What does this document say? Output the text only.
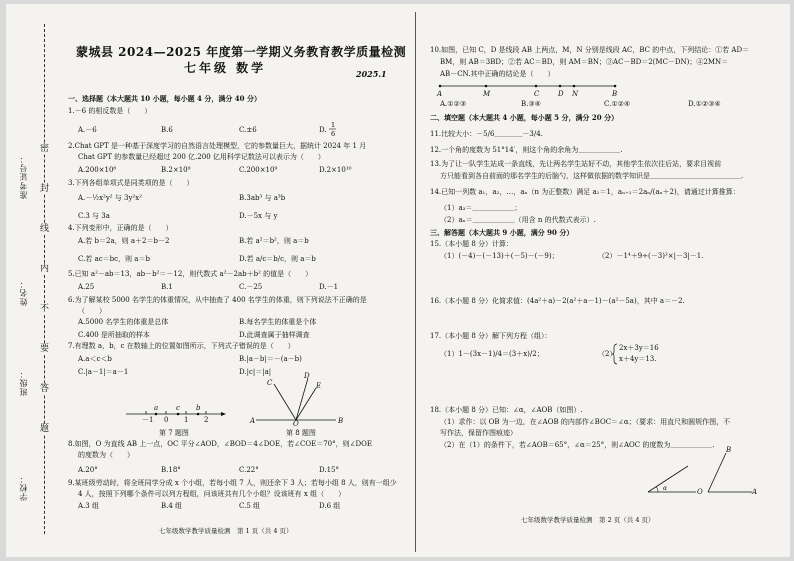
密
封
线
内
不
要
答
题
准考证号：
姓名：
班级：
学校：
蒙城县 2024—2025 年度第一学期义务教育教学质量检测
七年级 数学	2025.1
一、选择题（本大题共 10 小题，每小题 4 分，满分 40 分）
1.－6 的相反数是（　　）
A.－6	B.6	C.±6	D.
1
6
2.Chat GPT 是一种基于深度学习的自然语言处理模型，它的参数量巨大，据统计 2024 年 1 月
Chat GPT 的参数量已经超过 200 亿.200 亿用科学记数法可以表示为（　　）
A.200×10⁸	B.2×10⁹	C.200×10⁹	D.2×10¹⁰
3.下列各组单项式是同类项的是（　　）
A.－½x²y² 与 3y²x²	B.3ab³ 与 a³b
C.3 与 3a	D.－5x 与 y
4.下列变形中，正确的是（　　）
A.若 b＝2a，则 a＋2＝b－2	B.若 a²＝b²，则 a＝b
C.若 ac＝bc，则 a＝b	D.若 a/c＝b/c，则 a＝b
5.已知 a²－ab＝13，ab－b²＝－12，则代数式 a²－2ab＋b² 的值是（　　）
A.25	B.1	C.－25	D.－1
6.为了解某校 5000 名学生的体重情况，从中抽查了 400 名学生的体重，则下列说法不正确的是
（　　）
A.5000 名学生的体重是总体	B.每名学生的体重是个体
C.400 是所抽取的样本	D.此调查属于抽样调查
7.有理数 a，b，c 在数轴上的位置如图所示，下列式子错误的是（　　）
A.a＜c＜b	B.|a－b|＝－(a－b)
C.|a－1|＝a－1	D.|c|＝|a|
a	c b
－1 0 1 2
第 7 题图
C
D
E
A	O	B
第 8 题图
8.如图，O 为直线 AB 上一点，OC 平分∠AOD，∠BOD＝4∠DOE，若∠COE＝70°，则∠DOE
的度数为（　　）
A.20°	B.18°	C.22°	D.15°
9.某班级劳动时，将全班同学分成 x 个小组，若每小组 7 人，则还余下 3 人；若每小组 8 人，则有一组少
4 人，按照下列哪个条件可以列方程组，问该班共有几个小组？设该班有 x 组（　　）
A.3 组	B.4 组	C.5 组	D.6 组
七年级数学教学质量检测　第 1 页（共 4 页）
10.如图，已知 C，D 是线段 AB 上两点，M，N 分别是线段 AC，BC 的中点，下列结论：①若 AD＝
BM，则 AB＝3BD；②若 AC＝BD，则 AM＝BN；③AC－BD＝2(MC－DN)；④2MN＝
AB－CN.其中正确的结论是（　　）
A	M	C	D N	B
A.①②③	B.③④	C.①②④	D.①②③④
二、填空题（本大题共 4 小题，每小题 5 分，满分 20 分）
11.比较大小：－5/6＿＿＿＿－3/4.
12.一个角的度数为 51°14′，则这个角的余角为＿＿＿＿＿＿.
13.为了让一队学生站成一条直线，先让两名学生站好不动，其他学生依次往后站，要求目视前
方只能看到各自前面的那名学生的后脑勺，这样做依据的数学知识是＿＿＿＿＿＿＿＿＿＿＿＿＿.
14.已知一列数 a₁，a₂，…，aₙ（n 为正整数）满足 a₁＝1，aₙ₊₁＝2aₙ/(aₙ＋2)，请通过计算推算：
（1）a₃＝＿＿＿＿＿＿；
（2）aₙ＝＿＿＿＿＿＿（用含 n 的代数式表示）.
三、解答题（本大题共 9 小题，满分 90 分）
15.（本小题 8 分）计算：
（1）(－4)－(－13)＋(－5)－(－9)；	（2）－1⁴＋9÷(－3)²×|－3|－1.
16.（本小题 8 分）化简求值：(4a²＋a)－2(a²＋a－1)－(a²－5a)，其中 a＝－2.
17.（本小题 8 分）解下列方程（组）：
（1）1－(3x－1)/4＝(3＋x)/2；	（2）
2x＋3y＝16
x＋4y＝13.
18.（本小题 8 分）已知：∠α，∠AOB（如图）.
（1）求作：以 OB 为一边，在∠AOB 的内部作∠BOC＝∠α；（要求：用直尺和圆规作图，不
写作法，保留作图痕迹）
（2）在（1）的条件下，若∠AOB＝65°，∠α＝25°，则∠AOC 的度数为＿＿＿＿＿＿.
α
B
O	A
七年级数学教学质量检测　第 2 页（共 4 页）
